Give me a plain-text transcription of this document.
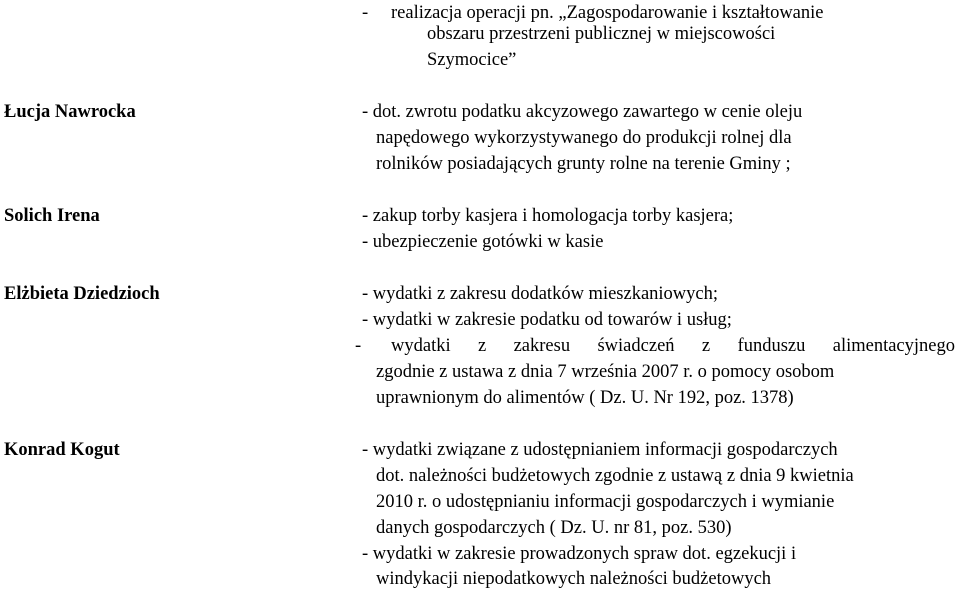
Łucja Nawrocka
Solich Irena
Elżbieta Dziedzioch
Konrad Kogut
- realizacja operacji pn. „Zagospodarowanie i kształtowanie
obszaru przestrzeni publicznej w miejscowości
Szymocice”
- dot. zwrotu podatku akcyzowego zawartego w cenie oleju
napędowego wykorzystywanego do produkcji rolnej dla
rolników posiadających grunty rolne na terenie Gminy ;
- zakup torby kasjera i homologacja torby kasjera;
- ubezpieczenie gotówki w kasie
- wydatki z zakresu dodatków mieszkaniowych;
- wydatki w zakresie podatku od towarów i usług;
- wydatki z zakresu świadczeń z funduszu alimentacyjnego
zgodnie z ustawa z dnia 7 września 2007 r. o pomocy osobom
uprawnionym do alimentów ( Dz. U. Nr 192, poz. 1378)
- wydatki związane z udostępnianiem informacji gospodarczych
dot. należności budżetowych zgodnie z ustawą z dnia 9 kwietnia
2010 r. o udostępnianiu informacji gospodarczych i wymianie
danych gospodarczych ( Dz. U. nr 81, poz. 530)
- wydatki w zakresie prowadzonych spraw dot. egzekucji i
windykacji niepodatkowych należności budżetowych
